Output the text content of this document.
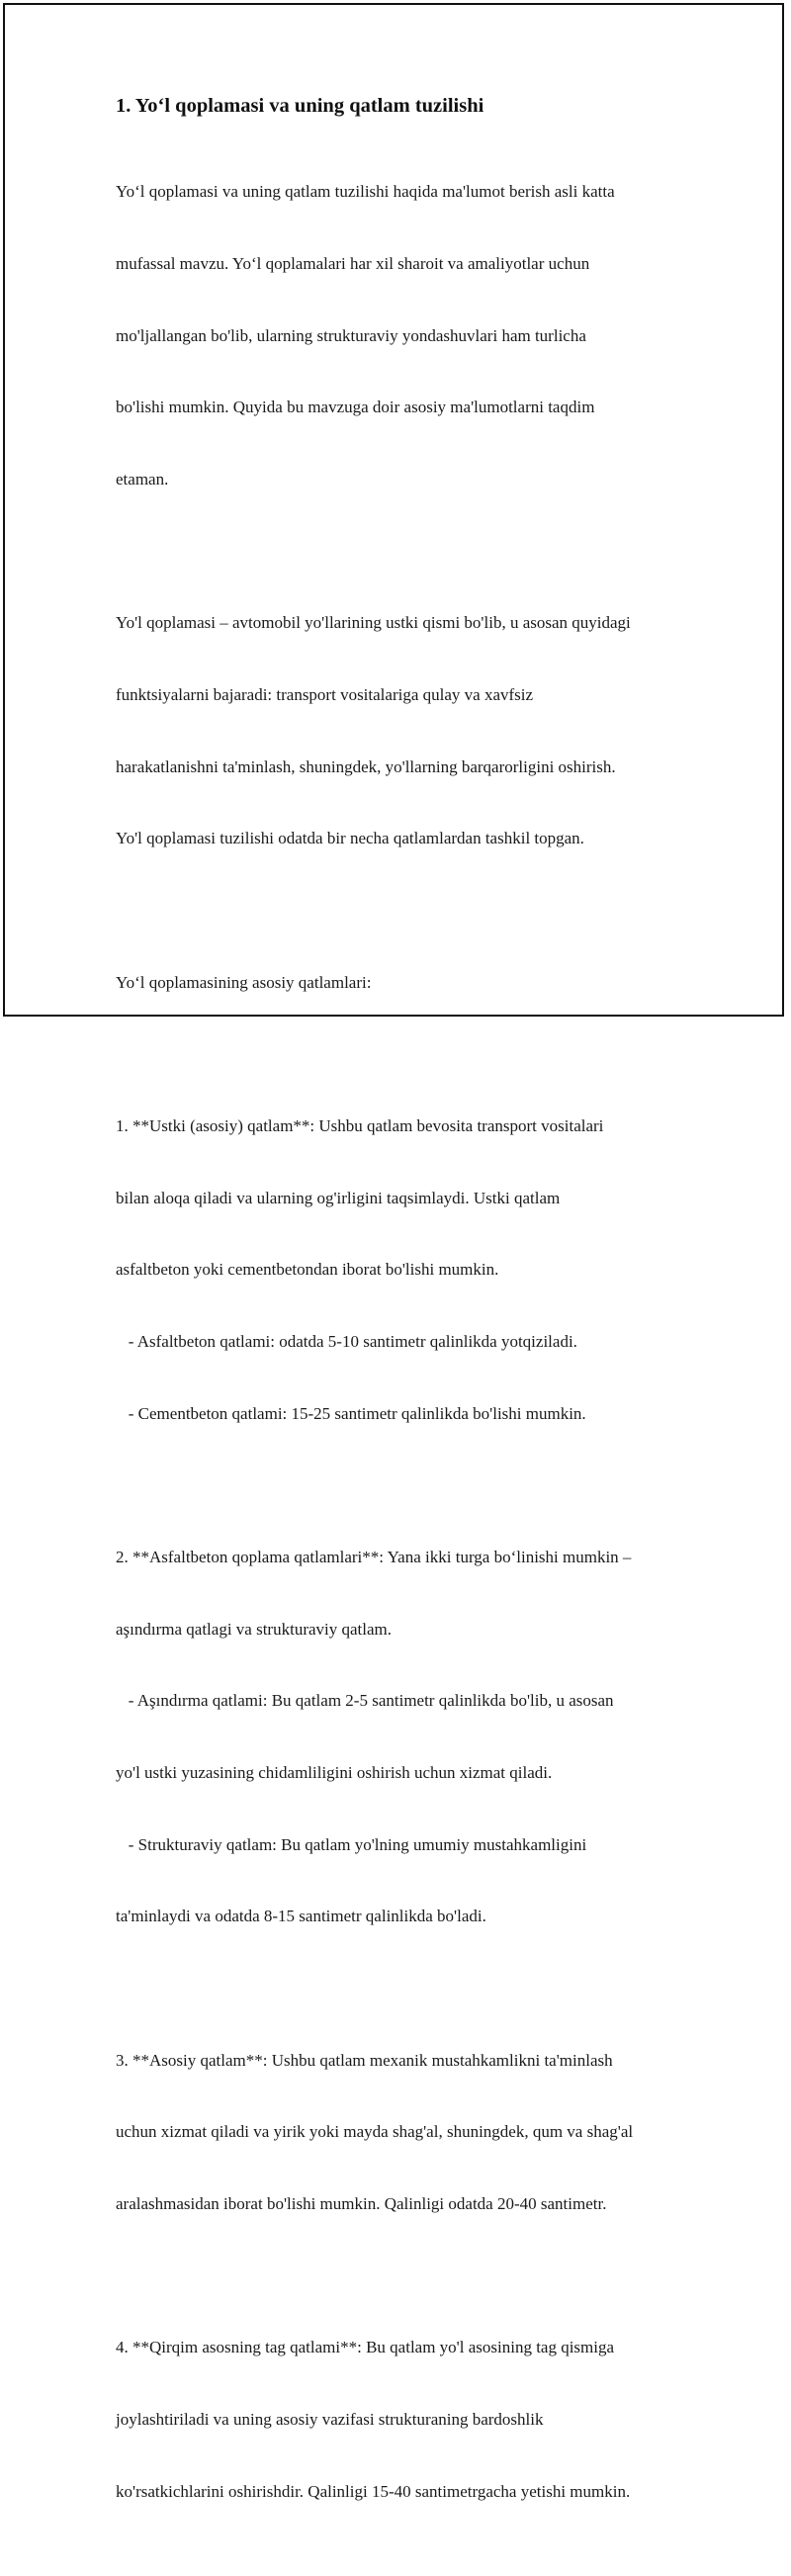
1. Yo‘l qoplamasi va uning qatlam tuzilishi

Yo‘l qoplamasi va uning qatlam tuzilishi haqida ma'lumot berish asli katta

mufassal mavzu. Yo‘l qoplamalari har xil sharoit va amaliyotlar uchun

mo'ljallangan bo'lib, ularning strukturaviy yondashuvlari ham turlicha

bo'lishi mumkin. Quyida bu mavzuga doir asosiy ma'lumotlarni taqdim

etaman.

Yo'l qoplamasi – avtomobil yo'llarining ustki qismi bo'lib, u asosan quyidagi

funktsiyalarni bajaradi: transport vositalariga qulay va xavfsiz

harakatlanishni ta'minlash, shuningdek, yo'llarning barqarorligini oshirish.

Yo'l qoplamasi tuzilishi odatda bir necha qatlamlardan tashkil topgan.

Yo‘l qoplamasining asosiy qatlamlari:

1. **Ustki (asosiy) qatlam**: Ushbu qatlam bevosita transport vositalari

bilan aloqa qiladi va ularning og'irligini taqsimlaydi. Ustki qatlam

asfaltbeton yoki cementbetondan iborat bo'lishi mumkin.

- Asfaltbeton qatlami: odatda 5-10 santimetr qalinlikda yotqiziladi.

- Cementbeton qatlami: 15-25 santimetr qalinlikda bo'lishi mumkin.

2. **Asfaltbeton qoplama qatlamlari**: Yana ikki turga bo‘linishi mumkin –

aşındırma qatlagi va strukturaviy qatlam.

- Aşındırma qatlami: Bu qatlam 2-5 santimetr qalinlikda bo'lib, u asosan

yo'l ustki yuzasining chidamliligini oshirish uchun xizmat qiladi.

- Strukturaviy qatlam: Bu qatlam yo'lning umumiy mustahkamligini

ta'minlaydi va odatda 8-15 santimetr qalinlikda bo'ladi.

3. **Asosiy qatlam**: Ushbu qatlam mexanik mustahkamlikni ta'minlash

uchun xizmat qiladi va yirik yoki mayda shag'al, shuningdek, qum va shag'al

aralashmasidan iborat bo'lishi mumkin. Qalinligi odatda 20-40 santimetr.

4. **Qirqim asosning tag qatlami**: Bu qatlam yo'l asosining tag qismiga

joylashtiriladi va uning asosiy vazifasi strukturaning bardoshlik

ko'rsatkichlarini oshirishdir. Qalinligi 15-40 santimetrgacha yetishi mumkin.
